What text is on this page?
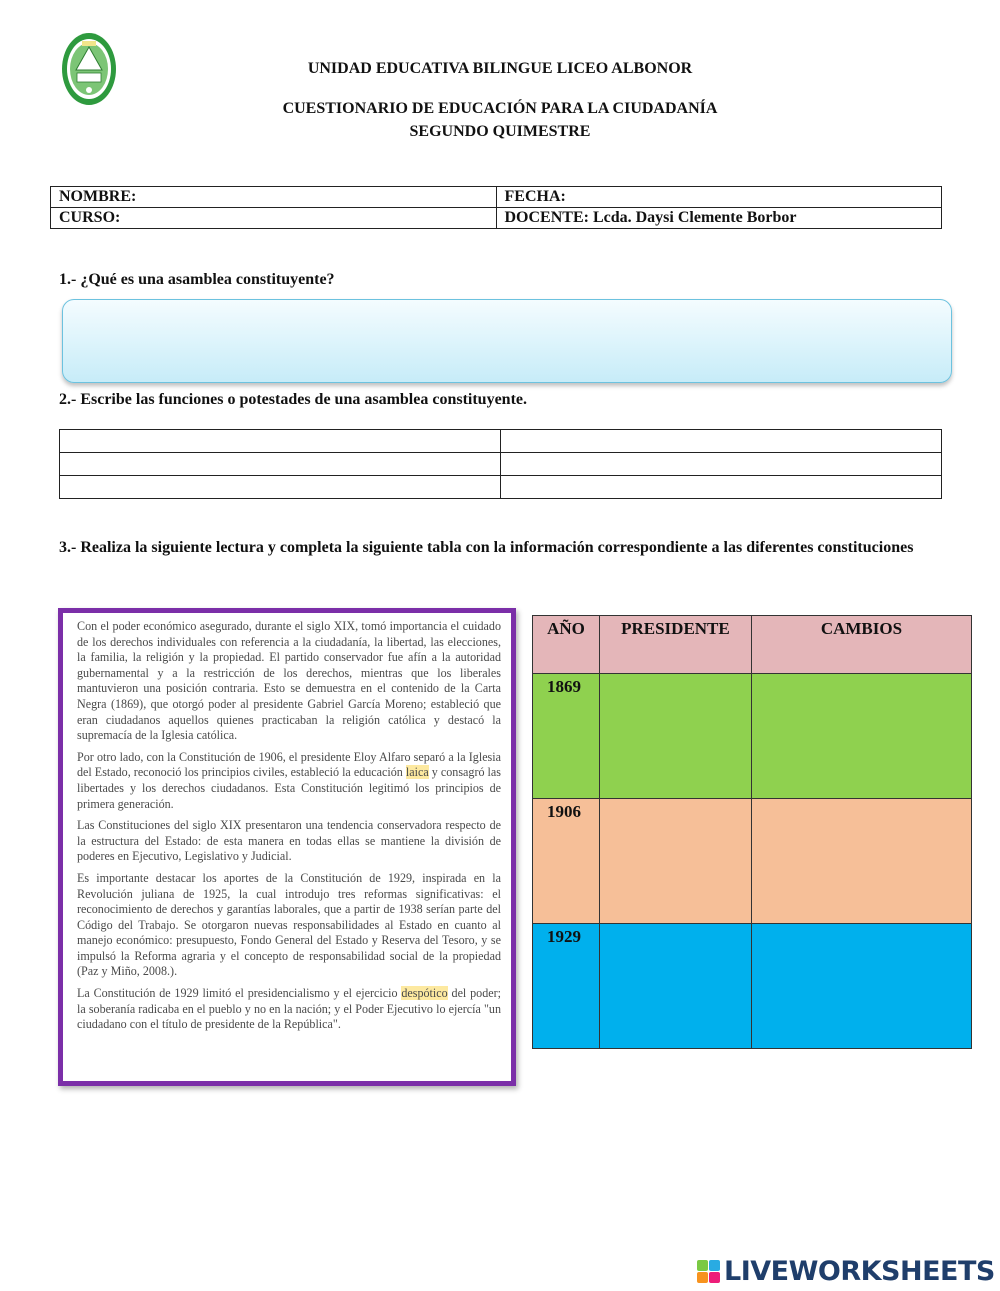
UNIDAD EDUCATIVA BILINGUE LICEO ALBONOR
CUESTIONARIO DE EDUCACIÓN PARA LA CIUDADANÍA
SEGUNDO QUIMESTRE
NOMBRE:	FECHA:
CURSO:	DOCENTE: Lcda. Daysi Clemente Borbor
1.- ¿Qué es una asamblea constituyente?
2.- Escribe las funciones o potestades de una asamblea constituyente.

3.- Realiza la siguiente lectura y completa la siguiente tabla con la información correspondiente a las diferentes constituciones

Con el poder económico asegurado, durante el siglo XIX, tomó importancia el cuidado de los derechos individuales con referencia a la ciudadanía, la libertad, las elecciones, la familia, la religión y la propiedad. El partido conservador fue afín a la autoridad gubernamental y a la restricción de los derechos, mientras que los liberales mantuvieron una posición contraria. Esto se demuestra en el contenido de la Carta Negra (1869), que otorgó poder al presidente Gabriel García Moreno; estableció que eran ciudadanos aquellos quienes practicaban la religión católica y destacó la supremacía de la Iglesia católica.

Por otro lado, con la Constitución de 1906, el presidente Eloy Alfaro separó a la Iglesia del Estado, reconoció los principios civiles, estableció la educación laica y consagró las libertades y los derechos ciudadanos. Esta Constitución legitimó los principios de primera generación.

Las Constituciones del siglo XIX presentaron una tendencia conservadora respecto de la estructura del Estado: de esta manera en todas ellas se mantiene la división de poderes en Ejecutivo, Legislativo y Judicial.

Es importante destacar los aportes de la Constitución de 1929, inspirada en la Revolución juliana de 1925, la cual introdujo tres reformas significativas: el reconocimiento de derechos y garantías laborales, que a partir de 1938 serían parte del Código del Trabajo. Se otorgaron nuevas responsabilidades al Estado en cuanto al manejo económico: presupuesto, Fondo General del Estado y Reserva del Tesoro, y se impulsó la Reforma agraria y el concepto de responsabilidad social de la propiedad (Paz y Miño, 2008.).

La Constitución de 1929 limitó el presidencialismo y el ejercicio despótico del poder; la soberanía radicaba en el pueblo y no en la nación; y el Poder Ejecutivo lo ejercía "un ciudadano con el título de presidente de la República".

AÑO	PRESIDENTE	CAMBIOS
1869		
1906		
1929		
LIVEWORKSHEETS
